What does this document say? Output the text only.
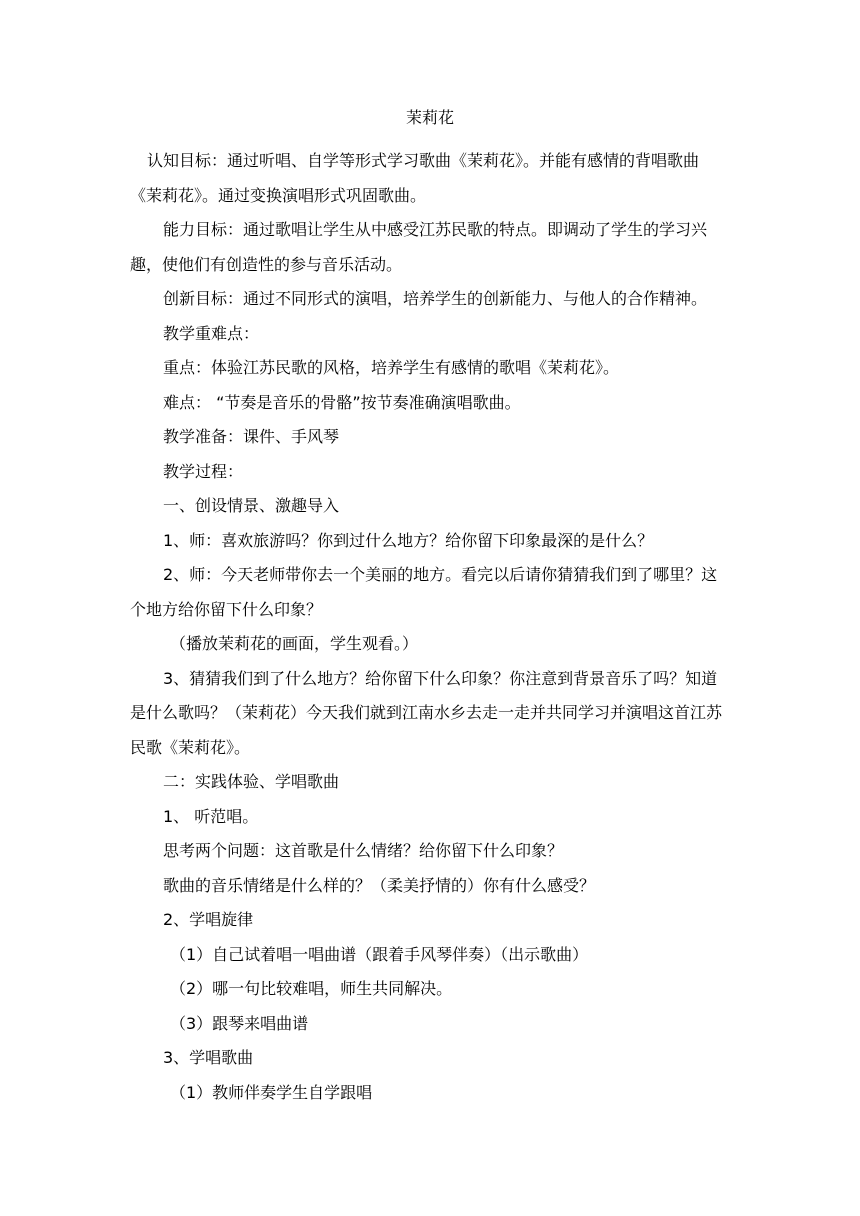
茉莉花

认知目标：通过听唱、自学等形式学习歌曲《茉莉花》。并能有感情的背唱歌曲《茉莉花》。通过变换演唱形式巩固歌曲。

能力目标：通过歌唱让学生从中感受江苏民歌的特点。即调动了学生的学习兴趣，使他们有创造性的参与音乐活动。

创新目标：通过不同形式的演唱，培养学生的创新能力、与他人的合作精神。

教学重难点：

重点：体验江苏民歌的风格，培养学生有感情的歌唱《茉莉花》。

难点： “节奏是音乐的骨骼”按节奏准确演唱歌曲。

教学准备：课件、手风琴

教学过程：

一、创设情景、激趣导入

1、师：喜欢旅游吗？你到过什么地方？给你留下印象最深的是什么？

2、师：今天老师带你去一个美丽的地方。看完以后请你猜猜我们到了哪里？这个地方给你留下什么印象？

（播放茉莉花的画面，学生观看。）

3、猜猜我们到了什么地方？给你留下什么印象？你注意到背景音乐了吗？知道是什么歌吗？（茉莉花）今天我们就到江南水乡去走一走并共同学习并演唱这首江苏民歌《茉莉花》。

二：实践体验、学唱歌曲

1、 听范唱。

思考两个问题：这首歌是什么情绪？给你留下什么印象？

歌曲的音乐情绪是什么样的？（柔美抒情的）你有什么感受？

2、学唱旋律

（1）自己试着唱一唱曲谱（跟着手风琴伴奏）（出示歌曲）

（2）哪一句比较难唱，师生共同解决。

（3）跟琴来唱曲谱

3、学唱歌曲

（1）教师伴奏学生自学跟唱
